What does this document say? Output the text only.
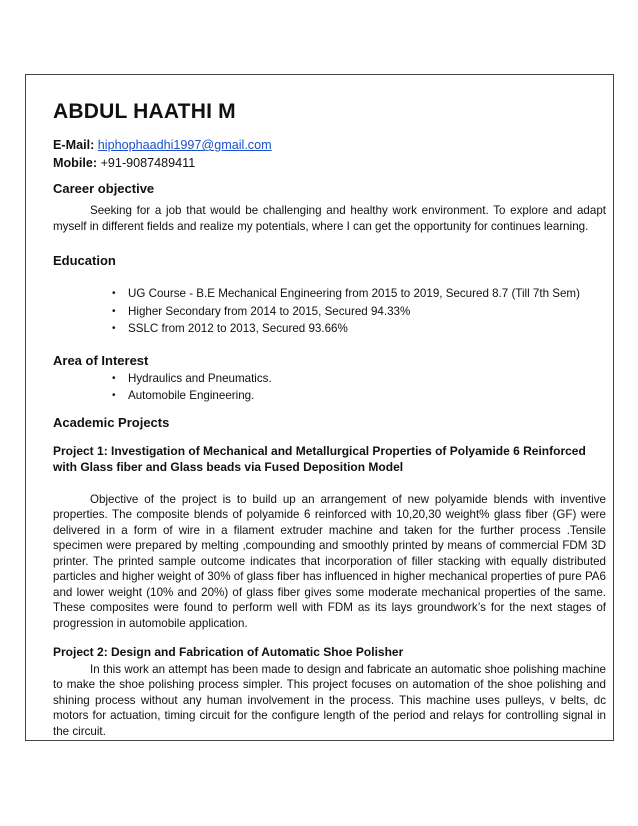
ABDUL HAATHI M
E-Mail: hiphophaadhi1997@gmail.com
Mobile: +91-9087489411
Career objective

Seeking for a job that would be challenging and healthy work environment. To explore and adapt myself in different fields and realize my potentials, where I can get the opportunity for continues learning.

Education
• UG Course - B.E Mechanical Engineering from 2015 to 2019, Secured 8.7 (Till 7th Sem)
• Higher Secondary from 2014 to 2015, Secured 94.33%
• SSLC from 2012 to 2013, Secured 93.66%
Area of Interest
• Hydraulics and Pneumatics.
• Automobile Engineering.
Academic Projects

Project 1: Investigation of Mechanical and Metallurgical Properties of Polyamide 6 Reinforced with Glass fiber and Glass beads via Fused Deposition Model

Objective of the project is to build up an arrangement of new polyamide blends with inventive properties. The composite blends of polyamide 6 reinforced with 10,20,30 weight% glass fiber (GF) were delivered in a form of wire in a filament extruder machine and taken for the further process .Tensile specimen were prepared by melting ,compounding and smoothly printed by means of commercial FDM 3D printer. The printed sample outcome indicates that incorporation of filler stacking with equally distributed particles and higher weight of 30% of glass fiber has influenced in higher mechanical properties of pure PA6 and lower weight (10% and 20%) of glass fiber gives some moderate mechanical properties of the same. These composites were found to perform well with FDM as its lays groundwork’s for the next stages of progression in automobile application.

Project 2: Design and Fabrication of Automatic Shoe Polisher

In this work an attempt has been made to design and fabricate an automatic shoe polishing machine to make the shoe polishing process simpler. This project focuses on automation of the shoe polishing and shining process without any human involvement in the process. This machine uses pulleys, v belts, dc motors for actuation, timing circuit for the configure length of the period and relays for controlling signal in the circuit.
